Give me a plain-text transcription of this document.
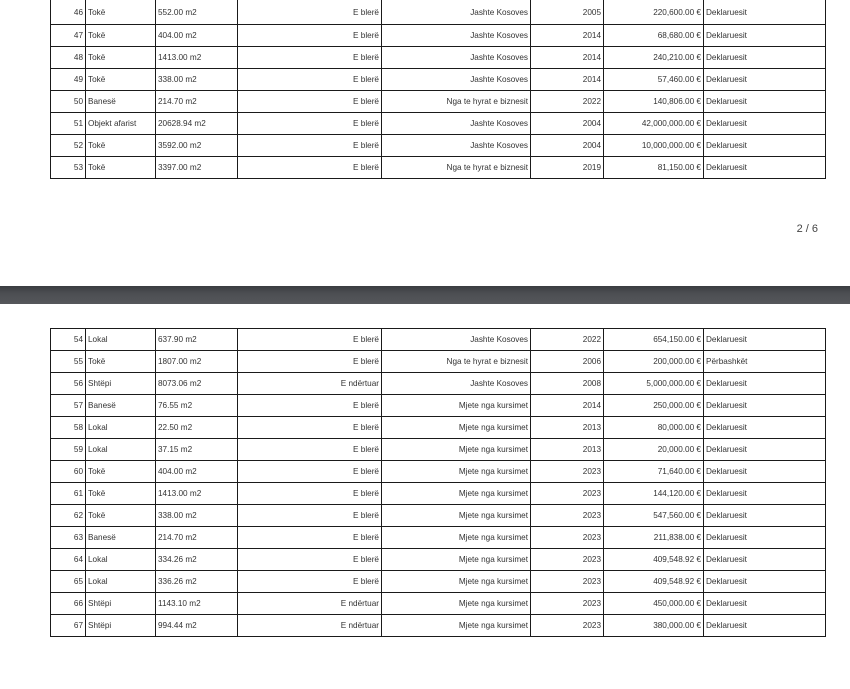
46	Tokë	552.00 m2	E blerë	Jashte Kosoves	2005	220,600.00 €	Deklaruesit
47	Tokë	404.00 m2	E blerë	Jashte Kosoves	2014	68,680.00 €	Deklaruesit
48	Tokë	1413.00 m2	E blerë	Jashte Kosoves	2014	240,210.00 €	Deklaruesit
49	Tokë	338.00 m2	E blerë	Jashte Kosoves	2014	57,460.00 €	Deklaruesit
50	Banesë	214.70 m2	E blerë	Nga te hyrat e biznesit	2022	140,806.00 €	Deklaruesit
51	Objekt afarist	20628.94 m2	E blerë	Jashte Kosoves	2004	42,000,000.00 €	Deklaruesit
52	Tokë	3592.00 m2	E blerë	Jashte Kosoves	2004	10,000,000.00 €	Deklaruesit
53	Tokë	3397.00 m2	E blerë	Nga te hyrat e biznesit	2019	81,150.00 €	Deklaruesit
2 / 6
54	Lokal	637.90 m2	E blerë	Jashte Kosoves	2022	654,150.00 €	Deklaruesit
55	Tokë	1807.00 m2	E blerë	Nga te hyrat e biznesit	2006	200,000.00 €	Përbashkët
56	Shtëpi	8073.06 m2	E ndërtuar	Jashte Kosoves	2008	5,000,000.00 €	Deklaruesit
57	Banesë	76.55 m2	E blerë	Mjete nga kursimet	2014	250,000.00 €	Deklaruesit
58	Lokal	22.50 m2	E blerë	Mjete nga kursimet	2013	80,000.00 €	Deklaruesit
59	Lokal	37.15 m2	E blerë	Mjete nga kursimet	2013	20,000.00 €	Deklaruesit
60	Tokë	404.00 m2	E blerë	Mjete nga kursimet	2023	71,640.00 €	Deklaruesit
61	Tokë	1413.00 m2	E blerë	Mjete nga kursimet	2023	144,120.00 €	Deklaruesit
62	Tokë	338.00 m2	E blerë	Mjete nga kursimet	2023	547,560.00 €	Deklaruesit
63	Banesë	214.70 m2	E blerë	Mjete nga kursimet	2023	211,838.00 €	Deklaruesit
64	Lokal	334.26 m2	E blerë	Mjete nga kursimet	2023	409,548.92 €	Deklaruesit
65	Lokal	336.26 m2	E blerë	Mjete nga kursimet	2023	409,548.92 €	Deklaruesit
66	Shtëpi	1143.10 m2	E ndërtuar	Mjete nga kursimet	2023	450,000.00 €	Deklaruesit
67	Shtëpi	994.44 m2	E ndërtuar	Mjete nga kursimet	2023	380,000.00 €	Deklaruesit
